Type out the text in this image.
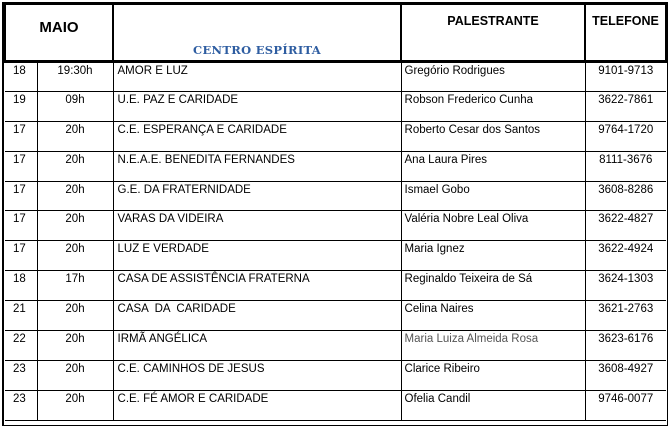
MAIO		CENTRO ESPÍRITA	PALESTRANTE	TELEFONE
18	19:30h	AMOR E LUZ	Gregório Rodrigues	9101-9713
19	09h	U.E. PAZ E CARIDADE	Robson Frederico Cunha	3622-7861
17	20h	C.E. ESPERANÇA E CARIDADE	Roberto Cesar dos Santos	9764-1720
17	20h	N.E.A.E. BENEDITA FERNANDES	Ana Laura Pires	8111-3676
17	20h	G.E. DA FRATERNIDADE	Ismael Gobo	3608-8286
17	20h	VARAS DA VIDEIRA	Valéria Nobre Leal Oliva	3622-4827
17	20h	LUZ E VERDADE	Maria Ignez	3622-4924
18	17h	CASA DE ASSISTÊNCIA FRATERNA	Reginaldo Teixeira de Sá	3624-1303
21	20h	CASA  DA  CARIDADE	Celina Naires	3621-2763
22	20h	IRMÃ ANGÉLICA	Maria Luiza Almeida Rosa	3623-6176
23	20h	C.E. CAMINHOS DE JESUS	Clarice Ribeiro	3608-4927
23	20h	C.E. FÉ AMOR E CARIDADE	Ofelia Candil	9746-0077
